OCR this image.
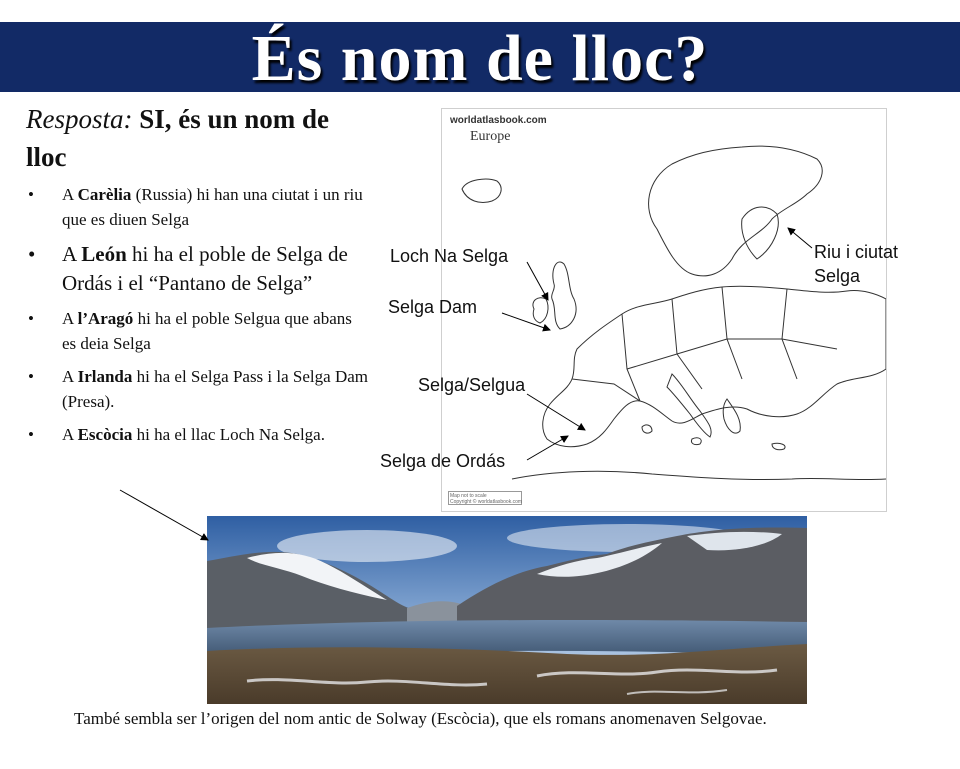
És nom de lloc?
Resposta: SI, és un nom de lloc
• A Carèlia (Russia) hi han una ciutat i un riu que es diuen Selga
• A León hi ha el poble de Selga de Ordás i el “Pantano de Selga”
• A l’Aragó hi ha el poble Selgua que abans es deia Selga
• A Irlanda hi ha el Selga Pass i la Selga Dam (Presa).
• A Escòcia hi ha el llac Loch Na Selga.
worldatlasbook.com
Europe
Map not to scale
Copyright © worldatlasbook.com
Loch Na Selga
Selga Dam
Selga/Selgua
Selga de Ordás
Riu i ciutat
Selga
També sembla ser l’origen del nom antic de Solway (Escòcia), que els romans anomenaven Selgovae.
